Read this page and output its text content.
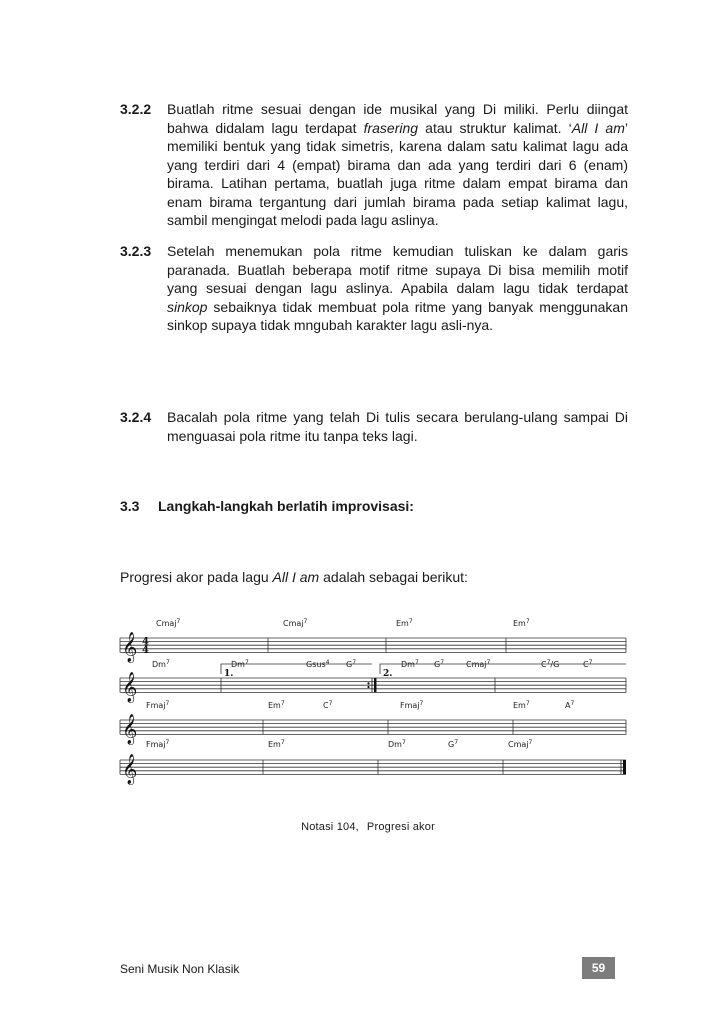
3.2.2 Buatlah ritme sesuai dengan ide musikal yang Di miliki. Perlu diingat bahwa didalam lagu terdapat frasering atau struktur kalimat. ‘All I am’ memiliki bentuk yang tidak simetris, karena dalam satu kalimat lagu ada yang terdiri dari 4 (empat) birama dan ada yang terdiri dari 6 (enam) birama. Latihan pertama, buatlah juga ritme dalam empat birama dan enam birama tergantung dari jumlah birama pada setiap kalimat lagu, sambil mengingat melodi pada lagu aslinya.
3.2.3 Setelah menemukan pola ritme kemudian tuliskan ke dalam garis paranada. Buatlah beberapa motif ritme supaya Di bisa memilih motif yang sesuai dengan lagu aslinya. Apabila dalam lagu tidak terdapat sinkop sebaiknya tidak membuat pola ritme yang banyak menggunakan sinkop supaya tidak mngubah karakter lagu asli-nya.
3.2.4 Bacalah pola ritme yang telah Di tulis secara berulang-ulang sampai Di menguasai pola ritme itu tanpa teks lagi.
3.3 Langkah-langkah berlatih improvisasi:
Progresi akor pada lagu All I am adalah sebagai berikut:
𝄞
𝄞
𝄞
𝄞
4
4
1.	2.
Cmaj$^7$	Cmaj$^7$	Em$^7$	Em$^7$
Dm$^7$	Dm$^7$	Gsus$^4$ $G^7$	Dm$^7$ $G^7$	Cmaj$^7$	$C^7/G$	$C^7$
Fmaj$^7$	Em$^7$	$C^7$	Fmaj$^7$	Em$^7$	$A^7$
Fmaj$^7$	Em$^7$	Dm$^7$	$G^7$	Cmaj$^7$
Notasi 104, Progresi akor
Seni Musik Non Klasik	59
